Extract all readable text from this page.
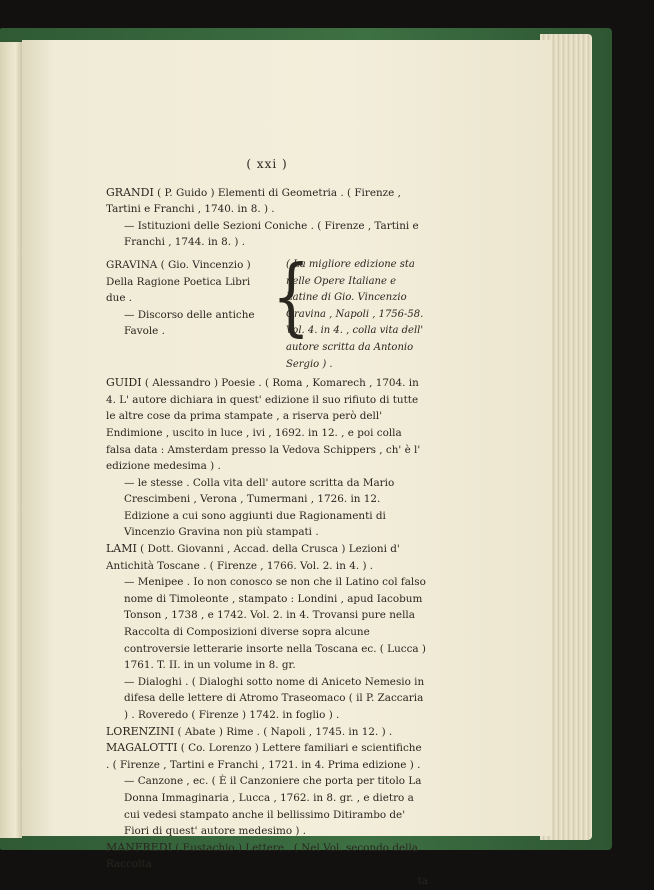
( xxi )

GRANDI ( P. Guido ) Elementi di Geometria . ( Firenze , Tartini e Franchi , 1740. in 8. ) .

— Istituzioni delle Sezioni Coniche . ( Firenze , Tartini e Franchi , 1744. in 8. ) .

GRAVINA ( Gio. Vincenzio ) Della Ragione Poetica Libri due .
— Discorso delle antiche Favole .	{
( La migliore edizione sta nelle Opere Italiane e Latine di Gio. Vincenzio Gravina , Napoli , 1756-58. Vol. 4. in 4. , colla vita dell' autore scritta da Antonio Sergio ) .

GUIDI ( Alessandro ) Poesie . ( Roma , Komarech , 1704. in 4. L' autore dichiara in quest' edizione il suo rifiuto di tutte le altre cose da prima stampate , a riserva però dell' Endimione , uscito in luce , ivi , 1692. in 12. , e poi colla falsa data : Amsterdam presso la Vedova Schippers , ch' è l' edizione medesima ) .

— le stesse . Colla vita dell' autore scritta da Mario Crescimbeni , Verona , Tumermani , 1726. in 12. Edizione a cui sono aggiunti due Ragionamenti di Vincenzio Gravina non più stampati .

LAMI ( Dott. Giovanni , Accad. della Crusca ) Lezioni d' Antichità Toscane . ( Firenze , 1766. Vol. 2. in 4. ) .

— Menipee . Io non conosco se non che il Latino col falso nome di Timoleonte , stampato : Londini , apud Iacobum Tonson , 1738 , e 1742. Vol. 2. in 4. Trovansi pure nella Raccolta di Composizioni diverse sopra alcune controversie letterarie insorte nella Toscana ec. ( Lucca ) 1761. T. II. in un volume in 8. gr.

— Dialoghi . ( Dialoghi sotto nome di Aniceto Nemesio in difesa delle lettere di Atromo Traseomaco ( il P. Zaccaria ) . Roveredo ( Firenze ) 1742. in foglio ) .

LORENZINI ( Abate ) Rime . ( Napoli , 1745. in 12. ) .

MAGALOTTI ( Co. Lorenzo ) Lettere familiari e scientifiche . ( Firenze , Tartini e Franchi , 1721. in 4. Prima edizione ) .

— Canzone , ec. ( È il Canzoniere che porta per titolo La Donna Immaginaria , Lucca , 1762. in 8. gr. , e dietro a cui vedesi stampato anche il bellissimo Ditirambo de' Fiori di quest' autore medesimo ) .

MANFREDI ( Eustachio ) Lettere . ( Nel Vol. secondo della Raccolta

ta
